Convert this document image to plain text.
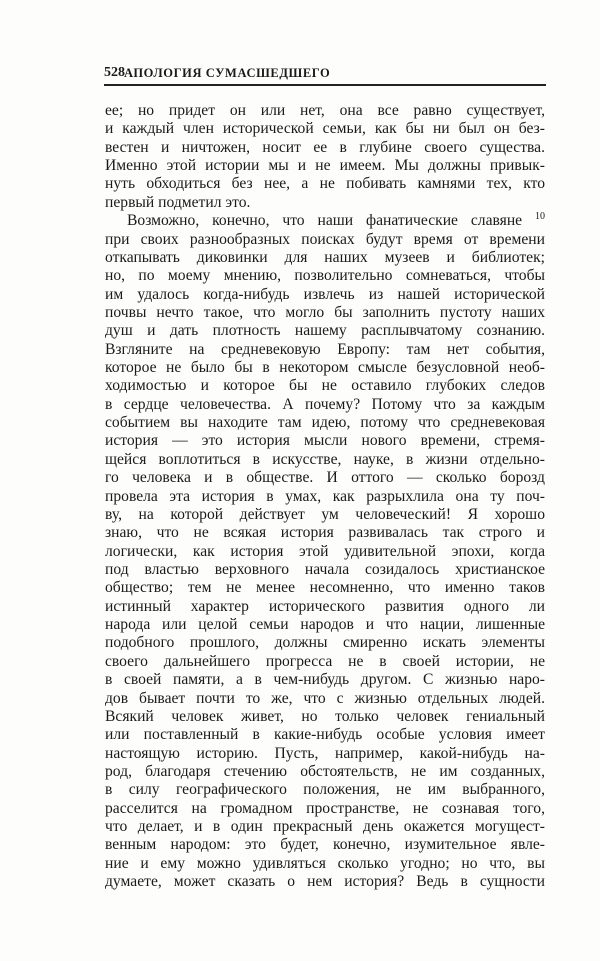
528 АПОЛОГИЯ СУМАСШЕДШЕГО
ее; но придет он или нет, она все равно существует,
и каждый член исторической семьи, как бы ни был он без-
вестен и ничтожен, носит ее в глубине своего существа.
Именно этой истории мы и не имеем. Мы должны привык-
нуть обходиться без нее, а не побивать камнями тех, кто
первый подметил это.
Возможно, конечно, что наши фанатические славяне $^{10}$
при своих разнообразных поисках будут время от времени
откапывать диковинки для наших музеев и библиотек;
но, по моему мнению, позволительно сомневаться, чтобы
им удалось когда-нибудь извлечь из нашей исторической
почвы нечто такое, что могло бы заполнить пустоту наших
душ и дать плотность нашему расплывчатому сознанию.
Взгляните на средневековую Европу: там нет события,
которое не было бы в некотором смысле безусловной необ-
ходимостью и которое бы не оставило глубоких следов
в сердце человечества. А почему? Потому что за каждым
событием вы находите там идею, потому что средневековая
история — это история мысли нового времени, стремя-
щейся воплотиться в искусстве, науке, в жизни отдельно-
го человека и в обществе. И оттого — сколько борозд
провела эта история в умах, как разрыхлила она ту поч-
ву, на которой действует ум человеческий! Я хорошо
знаю, что не всякая история развивалась так строго и
логически, как история этой удивительной эпохи, когда
под властью верховного начала созидалось христианское
общество; тем не менее несомненно, что именно таков
истинный характер исторического развития одного ли
народа или целой семьи народов и что нации, лишенные
подобного прошлого, должны смиренно искать элементы
своего дальнейшего прогресса не в своей истории, не
в своей памяти, а в чем-нибудь другом. С жизнью наро-
дов бывает почти то же, что с жизнью отдельных людей.
Всякий человек живет, но только человек гениальный
или поставленный в какие-нибудь особые условия имеет
настоящую историю. Пусть, например, какой-нибудь на-
род, благодаря стечению обстоятельств, не им созданных,
в силу географического положения, не им выбранного,
расселится на громадном пространстве, не сознавая того,
что делает, и в один прекрасный день окажется могущест-
венным народом: это будет, конечно, изумительное явле-
ние и ему можно удивляться сколько угодно; но что, вы
думаете, может сказать о нем история? Ведь в сущности
